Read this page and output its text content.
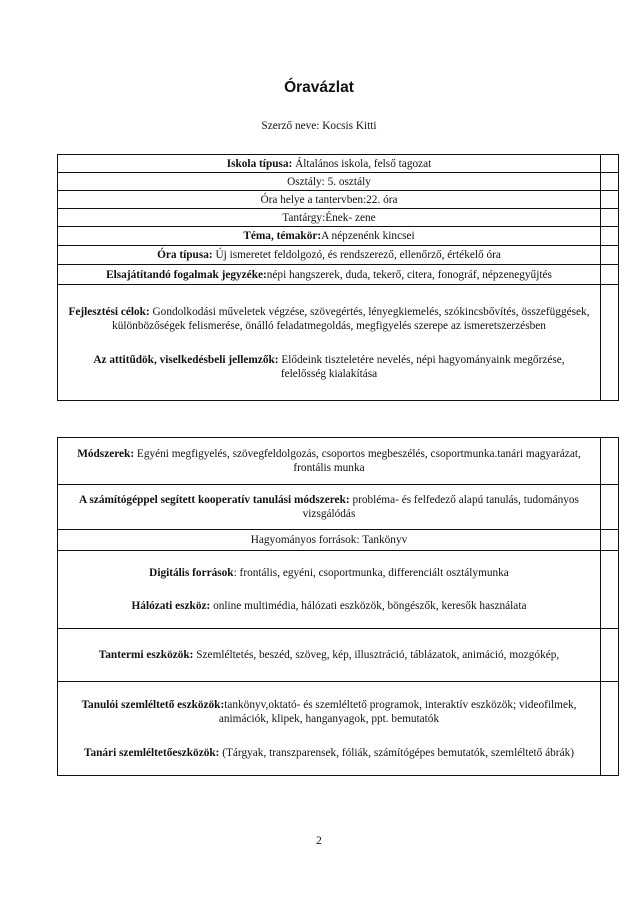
Óravázlat
Szerző neve: Kocsis Kitti
Iskola típusa: Általános iskola, felső tagozat	
Osztály: 5. osztály	
Óra helye a tantervben:22. óra	
Tantárgy:Ének- zene	
Téma, témakör:A népzenénk kincsei	
Óra típusa: Új ismeretet feldolgozó, és rendszerező, ellenőrző, értékelő óra	
Elsajátítandó fogalmak jegyzéke:népi hangszerek, duda, tekerő, citera, fonográf, népzenegyűjtés	

Fejlesztési célok: Gondolkodási műveletek végzése, szövegértés, lényegkiemelés, szókincsbővítés, összefüggések, különbözőségek felismerése, önálló feladatmegoldás, megfigyelés szerepe az ismeretszerzésben
Az attitűdök, viselkedésbeli jellemzők: Elődeink tiszteletére nevelés, népi hagyományaink megőrzése, felelősség kialakítása	

Módszerek: Egyéni megfigyelés, szövegfeldolgozás, csoportos megbeszélés, csoportmunka.tanári magyarázat, frontális munka	
A számítógéppel segített kooperatív tanulási módszerek: probléma- és felfedező alapú tanulás, tudományos vizsgálódás	
Hagyományos források: Tankönyv	

Digitális források: frontális, egyéni, csoportmunka, differenciált osztálymunka
Hálózati eszköz: online multimédia, hálózati eszközök, böngészők, keresők használata	

Tantermi eszközök: Szemléltetés, beszéd, szöveg, kép, illusztráció, táblázatok, animáció, mozgókép,	

Tanulói szemléltető eszközök:tankönyv,oktató- és szemléltető programok, interaktív eszközök; videofilmek, animációk, klipek, hanganyagok, ppt. bemutatók
Tanári szemléltetőeszközök: (Tárgyak, transzparensek, fóliák, számítógépes bemutatók, szemléltető ábrák)	

2
